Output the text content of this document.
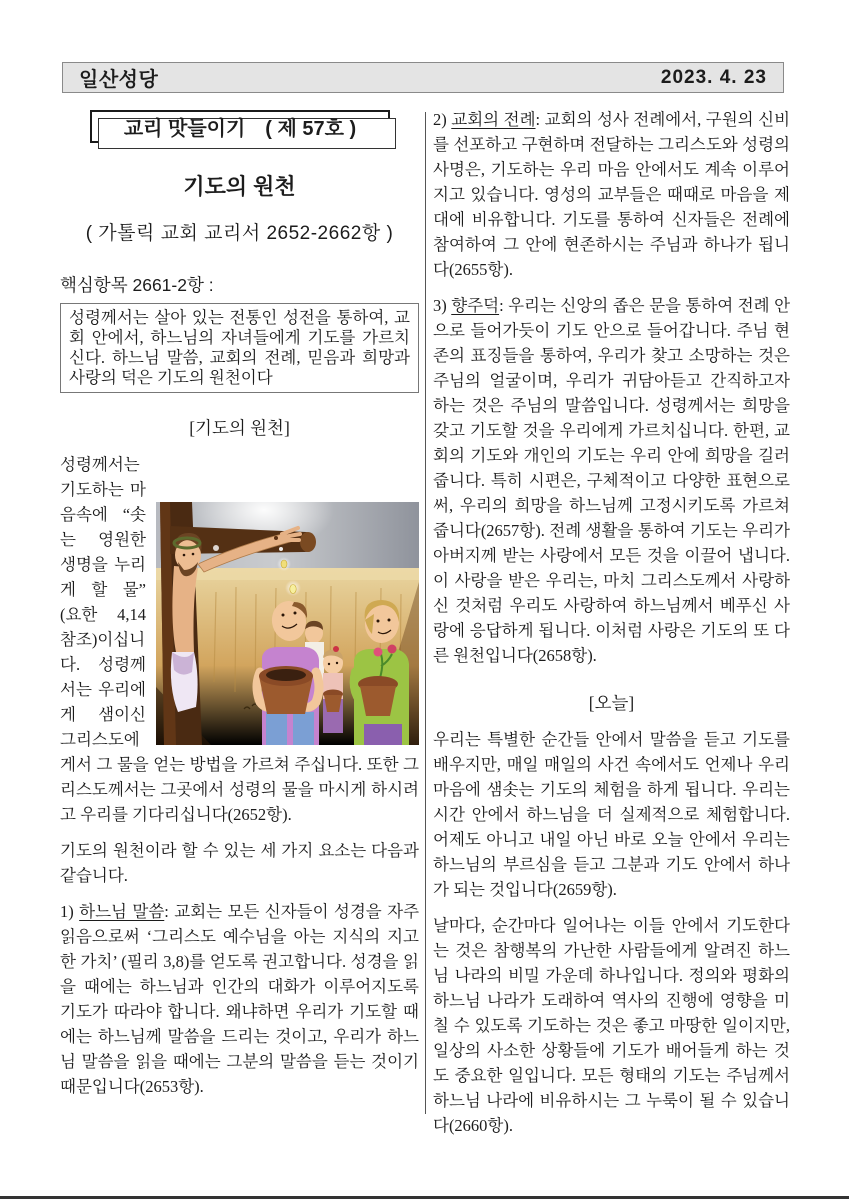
일산성당	2023. 4. 23
교리 맛들이기 ( 제 57호 )
기도의 원천
( 가톨릭 교회 교리서 2652-2662항 )
핵심항목 2661-2항 :
성령께서는 살아 있는 전통인 성전을 통하여, 교회 안에서, 하느님의 자녀들에게 기도를 가르치신다. 하느님 말씀, 교회의 전례, 믿음과 희망과 사랑의 덕은 기도의 원천이다
[기도의 원천]

성령께서는 기도하는 마음속에 “솟는 영원한 생명을 누리게 할 물” (요한 4,14 참조)이십니다. 성령께서는 우리에게 샘이신 그리스도에게서 그 물을 얻는 방법을 가르쳐 주십니다. 또한 그리스도께서는 그곳에서 성령의 물을 마시게 하시려고 우리를 기다리십니다(2652항).

기도의 원천이라 할 수 있는 세 가지 요소는 다음과 같습니다.

1) 하느님 말씀: 교회는 모든 신자들이 성경을 자주 읽음으로써 ‘그리스도 예수님을 아는 지식의 지고한 가치’ (필리 3,8)를 얻도록 권고합니다. 성경을 읽을 때에는 하느님과 인간의 대화가 이루어지도록 기도가 따라야 합니다. 왜냐하면 우리가 기도할 때에는 하느님께 말씀을 드리는 것이고, 우리가 하느님 말씀을 읽을 때에는 그분의 말씀을 듣는 것이기 때문입니다(2653항).

2) 교회의 전례: 교회의 성사 전례에서, 구원의 신비를 선포하고 구현하며 전달하는 그리스도와 성령의 사명은, 기도하는 우리 마음 안에서도 계속 이루어지고 있습니다. 영성의 교부들은 때때로 마음을 제대에 비유합니다. 기도를 통하여 신자들은 전례에 참여하여 그 안에 현존하시는 주님과 하나가 됩니다(2655항).

3) 향주덕: 우리는 신앙의 좁은 문을 통하여 전례 안으로 들어가듯이 기도 안으로 들어갑니다. 주님 현존의 표징들을 통하여, 우리가 찾고 소망하는 것은 주님의 얼굴이며, 우리가 귀담아듣고 간직하고자 하는 것은 주님의 말씀입니다. 성령께서는 희망을 갖고 기도할 것을 우리에게 가르치십니다. 한편, 교회의 기도와 개인의 기도는 우리 안에 희망을 길러 줍니다. 특히 시편은, 구체적이고 다양한 표현으로써, 우리의 희망을 하느님께 고정시키도록 가르쳐 줍니다(2657항). 전례 생활을 통하여 기도는 우리가 아버지께 받는 사랑에서 모든 것을 이끌어 냅니다. 이 사랑을 받은 우리는, 마치 그리스도께서 사랑하신 것처럼 우리도 사랑하여 하느님께서 베푸신 사랑에 응답하게 됩니다. 이처럼 사랑은 기도의 또 다른 원천입니다(2658항).

[오늘]

우리는 특별한 순간들 안에서 말씀을 듣고 기도를 배우지만, 매일 매일의 사건 속에서도 언제나 우리 마음에 샘솟는 기도의 체험을 하게 됩니다. 우리는 시간 안에서 하느님을 더 실제적으로 체험합니다. 어제도 아니고 내일 아닌 바로 오늘 안에서 우리는 하느님의 부르심을 듣고 그분과 기도 안에서 하나가 되는 것입니다(2659항).

날마다, 순간마다 일어나는 이들 안에서 기도한다는 것은 참행복의 가난한 사람들에게 알려진 하느님 나라의 비밀 가운데 하나입니다. 정의와 평화의 하느님 나라가 도래하여 역사의 진행에 영향을 미칠 수 있도록 기도하는 것은 좋고 마땅한 일이지만, 일상의 사소한 상황들에 기도가 배어들게 하는 것도 중요한 일입니다. 모든 형태의 기도는 주님께서 하느님 나라에 비유하시는 그 누룩이 될 수 있습니다(2660항).
